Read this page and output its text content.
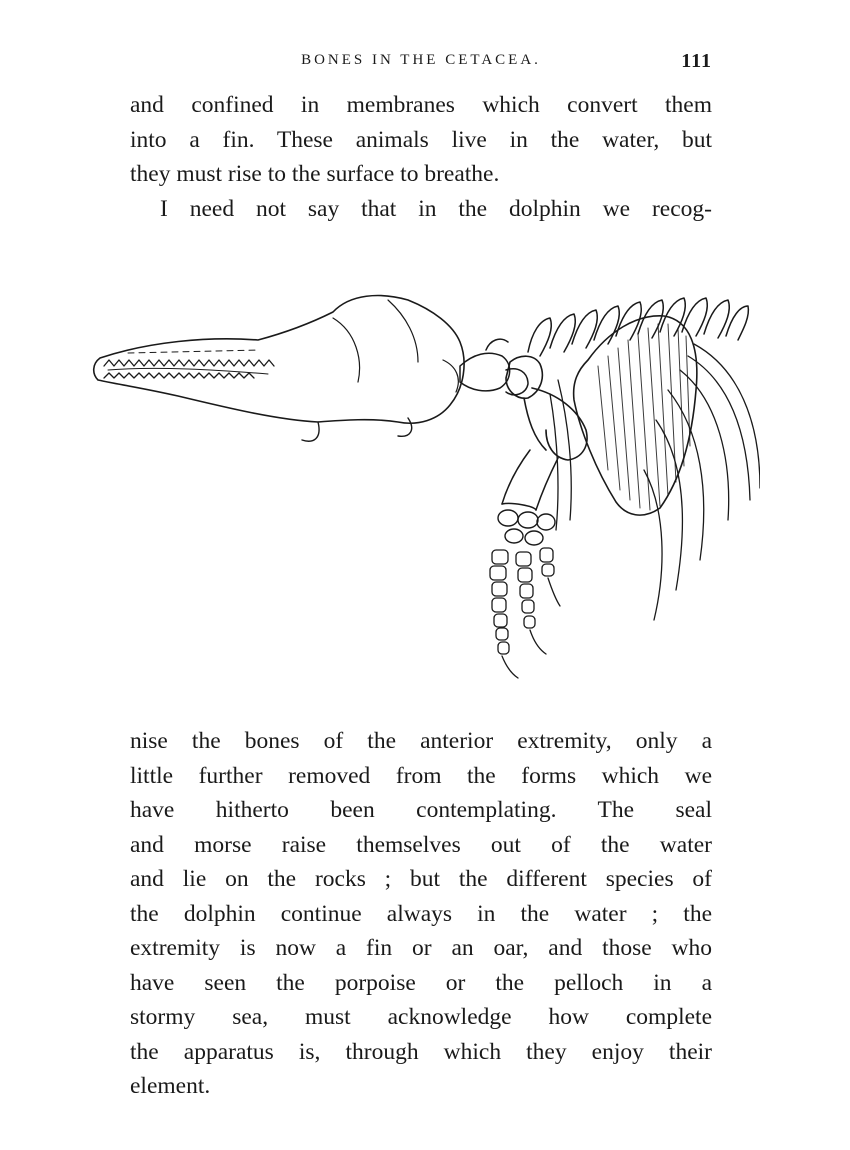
BONES IN THE CETACEA.	111
and confined in membranes which convert them
into a fin. These animals live in the water, but
they must rise to the surface to breathe.
I need not say that in the dolphin we recog-
nise the bones of the anterior extremity, only a
little further removed from the forms which we
have hitherto been contemplating. The seal
and morse raise themselves out of the water
and lie on the rocks ; but the different species of
the dolphin continue always in the water ; the
extremity is now a fin or an oar, and those who
have seen the porpoise or the pelloch in a
stormy sea, must acknowledge how complete
the apparatus is, through which they enjoy their
element.
